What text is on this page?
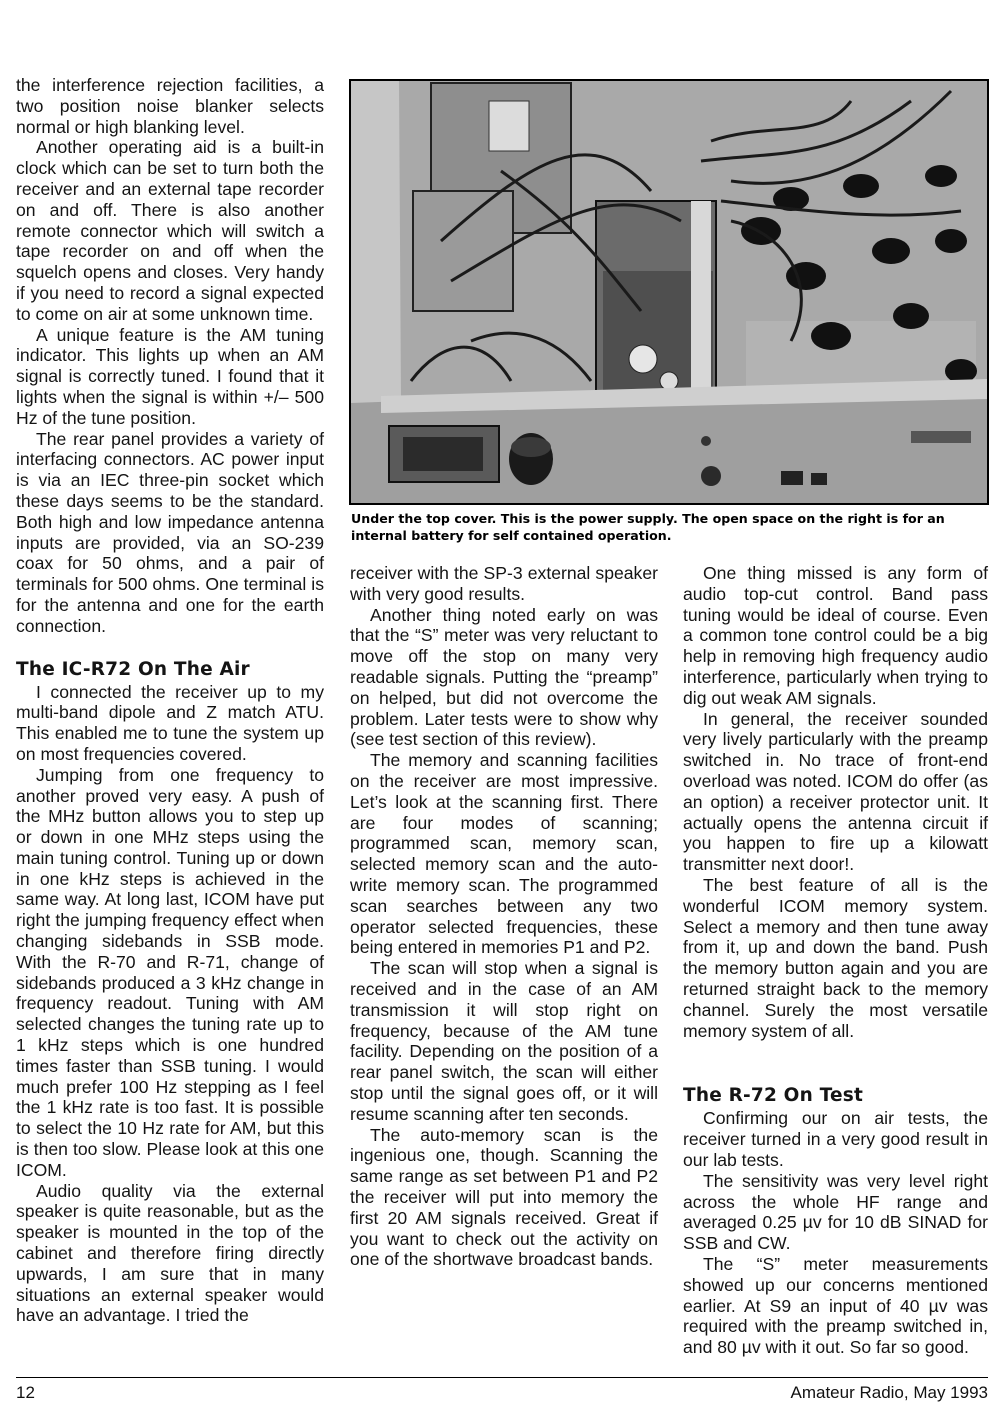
the interference rejection facilities, a two position noise blanker selects normal or high blanking level.

Another operating aid is a built-in clock which can be set to turn both the receiver and an external tape recorder on and off. There is also another remote connector which will switch a tape recorder on and off when the squelch opens and closes. Very handy if you need to record a signal expected to come on air at some unknown time.

A unique feature is the AM tuning indicator. This lights up when an AM signal is correctly tuned. I found that it lights when the signal is within +/– 500 Hz of the tune position.

The rear panel provides a variety of interfacing connectors. AC power input is via an IEC three-pin socket which these days seems to be the standard. Both high and low impedance antenna inputs are provided, via an SO-239 coax for 50 ohms, and a pair of terminals for 500 ohms. One terminal is for the antenna and one for the earth connection.

The IC-R72 On The Air

I connected the receiver up to my multi-band dipole and Z match ATU. This enabled me to tune the system up on most frequencies covered.

Jumping from one frequency to another proved very easy. A push of the MHz button allows you to step up or down in one MHz steps using the main tuning control. Tuning up or down in one kHz steps is achieved in the same way. At long last, ICOM have put right the jumping frequency effect when changing sidebands in SSB mode. With the R-70 and R-71, change of sidebands produced a 3 kHz change in frequency readout. Tuning with AM selected changes the tuning rate up to 1 kHz steps which is one hundred times faster than SSB tuning. I would much prefer 100 Hz stepping as I feel the 1 kHz rate is too fast. It is possible to select the 10 Hz rate for AM, but this is then too slow. Please look at this one ICOM.

Audio quality via the external speaker is quite reasonable, but as the speaker is mounted in the top of the cabinet and therefore firing directly upwards, I am sure that in many situations an external speaker would have an advantage. I tried the

Under the top cover. This is the power supply. The open space on the right is for an internal battery for self contained operation.

receiver with the SP-3 external speaker with very good results.

Another thing noted early on was that the “S” meter was very reluctant to move off the stop on many very readable signals. Putting the “preamp” on helped, but did not overcome the problem. Later tests were to show why (see test section of this review).

The memory and scanning facilities on the receiver are most impressive. Let’s look at the scanning first. There are four modes of scanning; programmed scan, memory scan, selected memory scan and the auto-write memory scan. The programmed scan searches between any two operator selected frequencies, these being entered in memories P1 and P2.

The scan will stop when a signal is received and in the case of an AM transmission it will stop right on frequency, because of the AM tune facility. Depending on the position of a rear panel switch, the scan will either stop until the signal goes off, or it will resume scanning after ten seconds.

The auto-memory scan is the ingenious one, though. Scanning the same range as set between P1 and P2 the receiver will put into memory the first 20 AM signals received. Great if you want to check out the activity on one of the shortwave broadcast bands.

One thing missed is any form of audio top-cut control. Band pass tuning would be ideal of course. Even a common tone control could be a big help in removing high frequency audio interference, particularly when trying to dig out weak AM signals.

In general, the receiver sounded very lively particularly with the preamp switched in. No trace of front-end overload was noted. ICOM do offer (as an option) a receiver protector unit. It actually opens the antenna circuit if you happen to fire up a kilowatt transmitter next door!.

The best feature of all is the wonderful ICOM memory system. Select a memory and then tune away from it, up and down the band. Push the memory button again and you are returned straight back to the memory channel. Surely the most versatile memory system of all.

The R-72 On Test

Confirming our on air tests, the receiver turned in a very good result in our lab tests.

The sensitivity was very level right across the whole HF range and averaged 0.25 µv for 10 dB SINAD for SSB and CW.

The “S” meter measurements showed up our concerns mentioned earlier. At S9 an input of 40 µv was required with the preamp switched in, and 80 µv with it out. So far so good.

12	Amateur Radio, May 1993
